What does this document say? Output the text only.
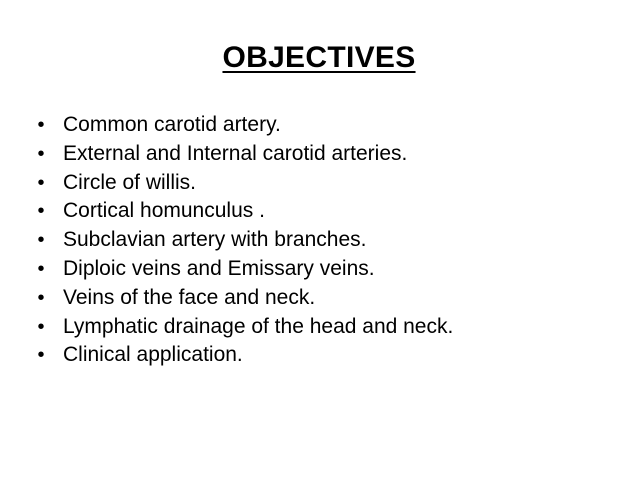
OBJECTIVES
• Common carotid artery.
• External and Internal carotid arteries.
• Circle of willis.
• Cortical homunculus .
• Subclavian artery with branches.
• Diploic veins and Emissary veins.
• Veins of the face and neck.
• Lymphatic drainage of the head and neck.
• Clinical application.
